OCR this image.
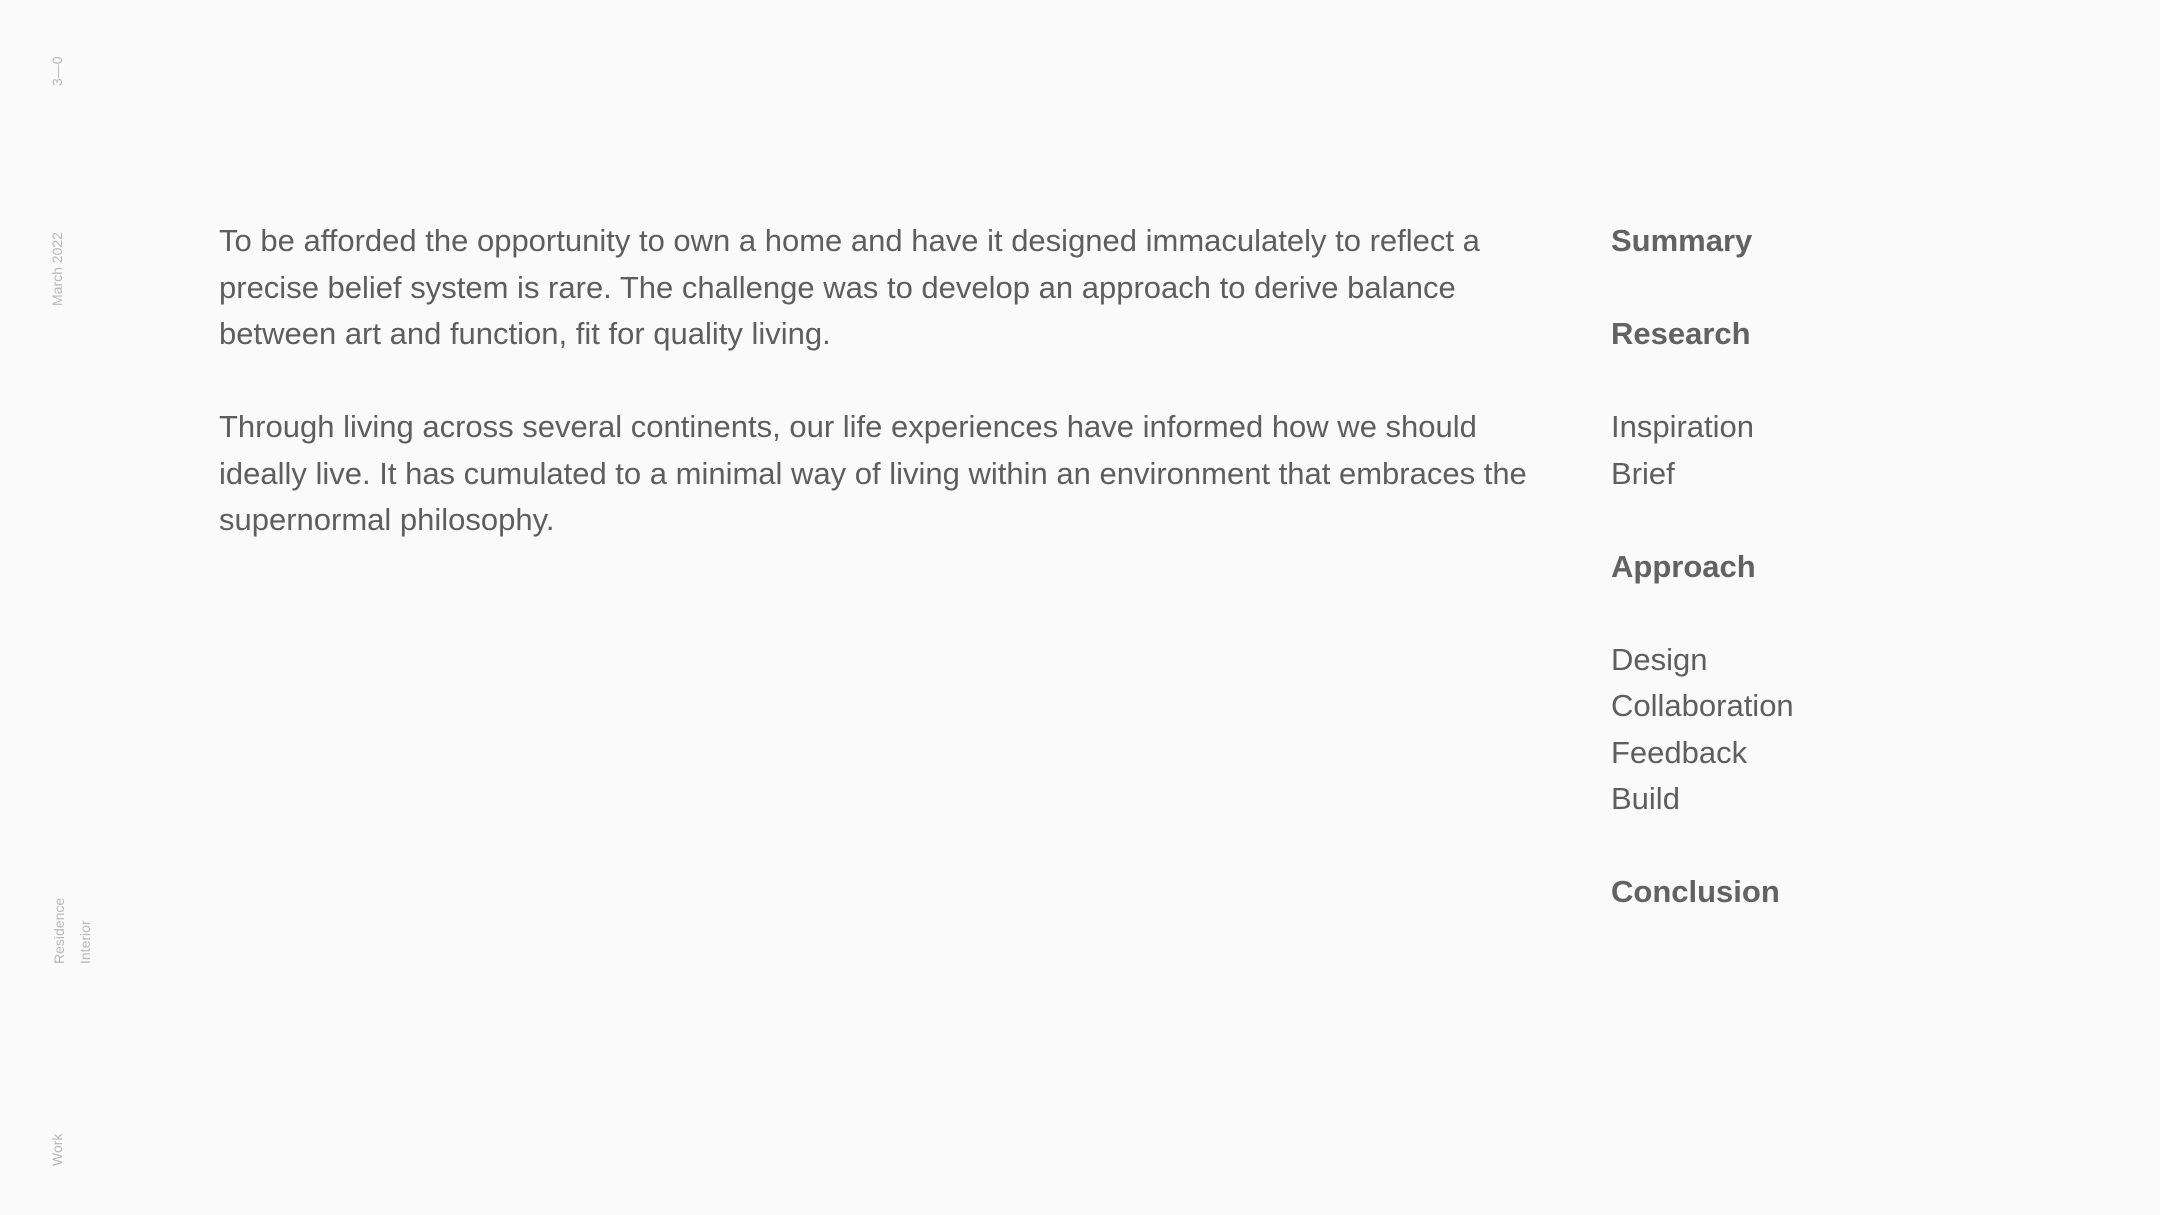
3—0
March 2022
Residence Interior
Work

To be afforded the opportunity to own a home and have it designed immaculately to reflect a precise belief system is rare. The challenge was to develop an approach to derive balance between art and function, fit for quality living.

Through living across several continents, our life experiences have informed how we should ideally live. It has cumulated to a minimal way of living within an environment that embraces the supernormal philosophy.

Summary
Research
Inspiration
Brief
Approach
Design
Collaboration
Feedback
Build
Conclusion
